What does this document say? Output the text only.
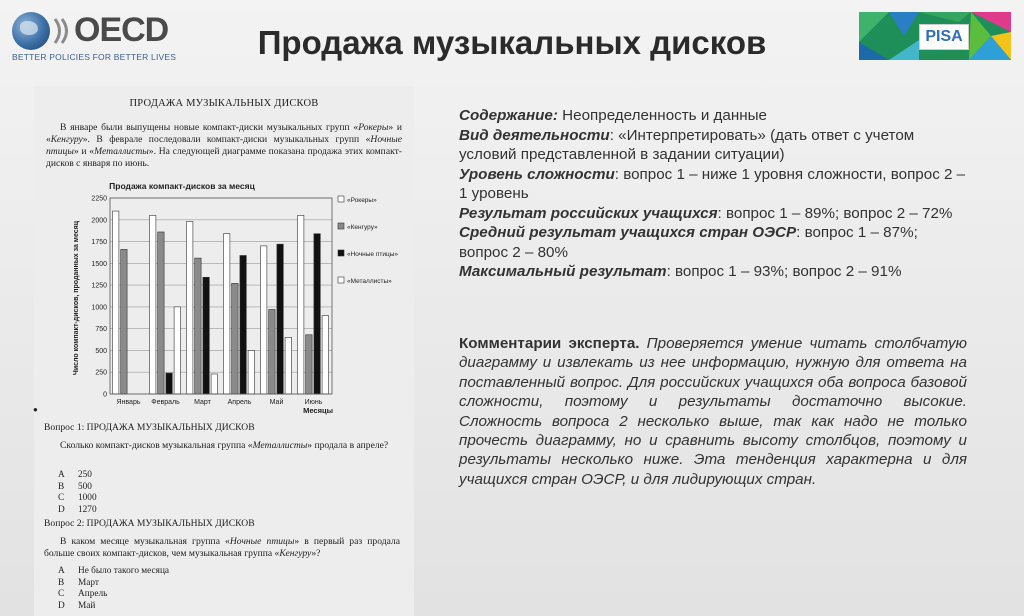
OECD
BETTER POLICIES FOR BETTER LIVES	Продажа музыкальных дисков	PISA
ПРОДАЖА МУЗЫКАЛЬНЫХ ДИСКОВ
В январе были выпущены новые компакт-диски музыкальных групп «Рокеры» и «Кенгуру». В феврале последовали компакт-диски музыкальных групп «Ночные птицы» и «Металлисты». На следующей диаграмме показана продажа этих компакт-дисков с января по июнь.
Продажа компакт-дисков за месяц
0
250
500
750
1000
1250
1500
1750
2000
2250
Январь Февраль Март Апрель	Май	Июнь
«Рокеры»
«Кенгуру»
«Ночные птицы»
«Металлисты»
Число компакт-дисков, проданных за месяц
Месяцы
Вопрос 1: ПРОДАЖА МУЗЫКАЛЬНЫХ ДИСКОВ
Сколько компакт-дисков музыкальная группа «Металлисты» продала в апреле?
A	250
B	500
C	1000
D	1270
Вопрос 2: ПРОДАЖА МУЗЫКАЛЬНЫХ ДИСКОВ
В каком месяце музыкальная группа «Ночные птицы» в первый раз продала больше своих компакт-дисков, чем музыкальная группа «Кенгуру»?
A	Не было такого месяца
B	Март
C	Апрель
D	Май
●

Содержание: Неопределенность и данные

Вид деятельности: «Интерпретировать» (дать ответ с учетом условий представленной в задании ситуации)

Уровень сложности: вопрос 1 – ниже 1 уровня сложности, вопрос 2 – 1 уровень

Результат российских учащихся: вопрос 1 – 89%; вопрос 2 – 72%

Средний результат учащихся стран ОЭСР: вопрос 1 – 87%; вопрос 2 – 80%

Максимальный результат: вопрос 1 – 93%; вопрос 2 – 91%

Комментарии эксперта. Проверяется умение читать столбчатую диаграмму и извлекать из нее информацию, нужную для ответа на поставленный вопрос. Для российских учащихся оба вопроса базовой сложности, поэтому и результаты достаточно высокие. Сложность вопроса 2 несколько выше, так как надо не только прочесть диаграмму, но и сравнить высоту столбцов, поэтому и результаты несколько ниже. Эта тенденция характерна и для учащихся стран ОЭСР, и для лидирующих стран.
